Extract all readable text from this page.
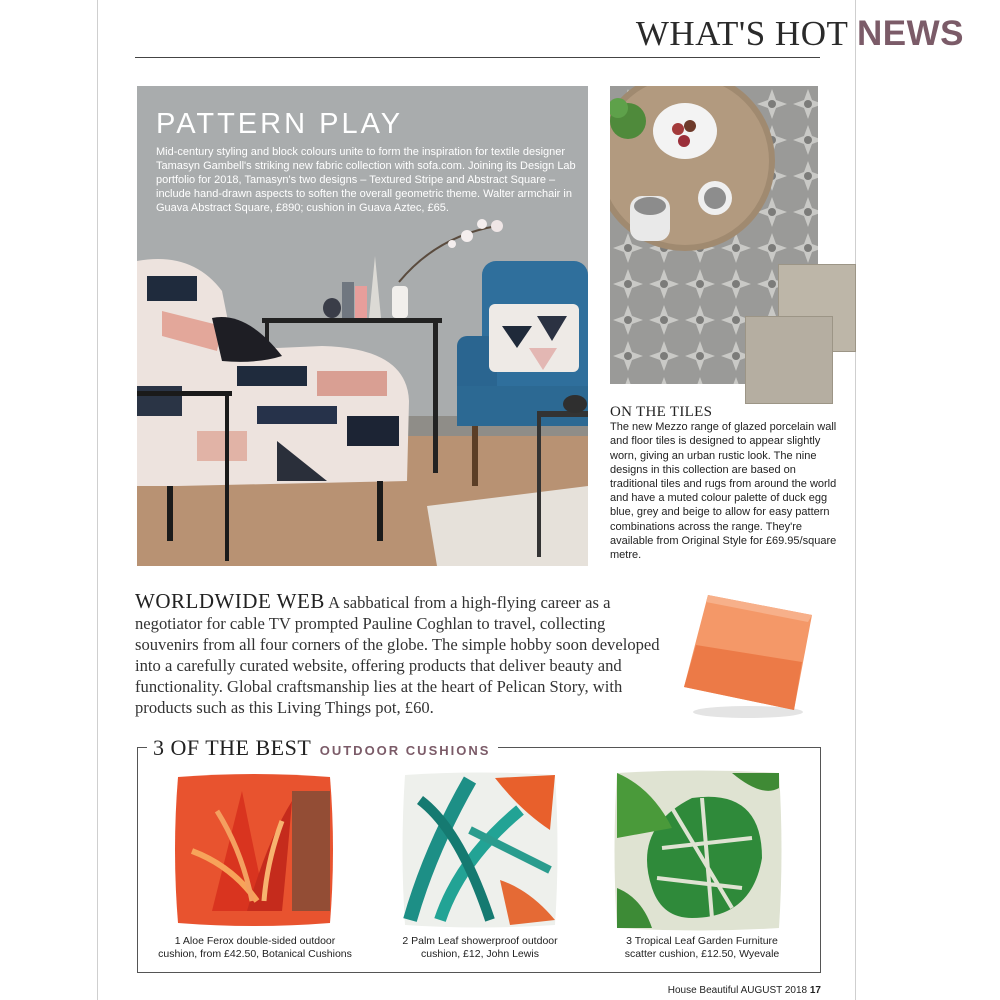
WHAT'S HOT NEWS
PATTERN PLAY
Mid-century styling and block colours unite to form the inspiration for textile designer Tamasyn Gambell's striking new fabric collection with sofa.com. Joining its Design Lab portfolio for 2018, Tamasyn's two designs – Textured Stripe and Abstract Square – include hand-drawn aspects to soften the overall geometric theme. Walter armchair in Guava Abstract Square, £890; cushion in Guava Aztec, £65.
ON THE TILES
The new Mezzo range of glazed porcelain wall and floor tiles is designed to appear slightly worn, giving an urban rustic look. The nine designs in this collection are based on traditional tiles and rugs from around the world and have a muted colour palette of duck egg blue, grey and beige to allow for easy pattern combinations across the range. They're available from Original Style for £69.95/square metre.
WORLDWIDE WEB A sabbatical from a high-flying career as a negotiator for cable TV prompted Pauline Coghlan to travel, collecting souvenirs from all four corners of the globe. The simple hobby soon developed into a carefully curated website, offering products that deliver beauty and functionality. Global craftsmanship lies at the heart of Pelican Story, with products such as this Living Things pot, £60.
3 OF THE BEST OUTDOOR CUSHIONS
1 Aloe Ferox double-sided outdoor
cushion, from £42.50, Botanical Cushions
2 Palm Leaf showerproof outdoor
cushion, £12, John Lewis
3 Tropical Leaf Garden Furniture
scatter cushion, £12.50, Wyevale
House Beautiful AUGUST 2018 17
